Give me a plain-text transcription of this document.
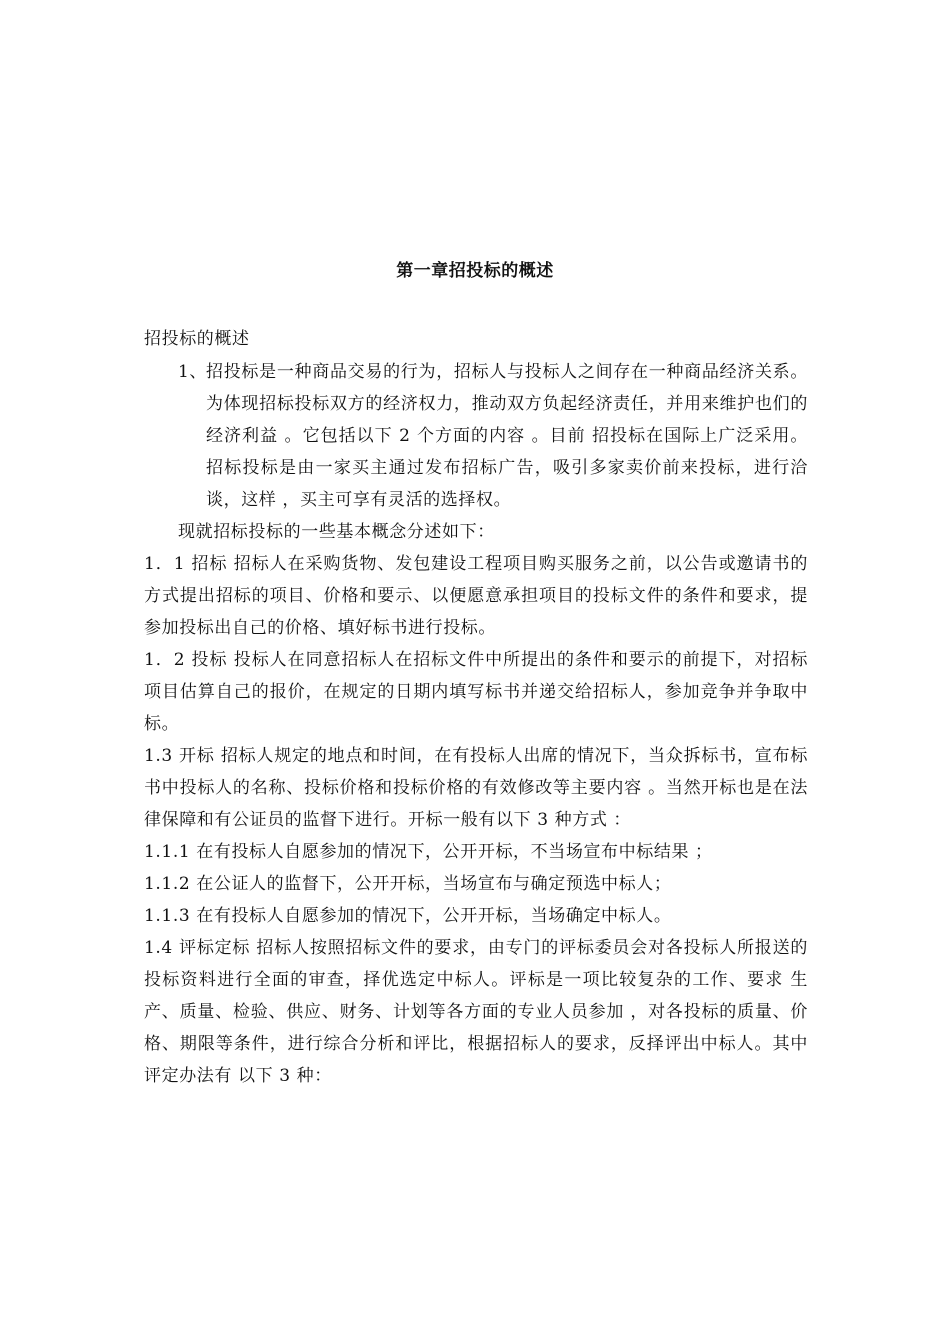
第一章招投标的概述

招投标的概述

1、
招投标是一种商品交易的行为，招标人与投标人之间存在一种商品经济关系。为体现招标投标双方的经济权力，推动双方负起经济责任，并用来维护也们的经济利益 。它包括以下 2 个方面的内容 。目前 招投标在国际上广泛采用。招标投标是由一家买主通过发布招标广告，吸引多家卖价前来投标，进行洽谈，这样 ，买主可享有灵活的选择权。

现就招标投标的一些基本概念分述如下：

1．1 招标 招标人在采购货物、发包建设工程项目购买服务之前，以公告或邀请书的方式提出招标的项目、价格和要示、以便愿意承担项目的投标文件的条件和要求，提参加投标出自己的价格、填好标书进行投标。

1．2 投标 投标人在同意招标人在招标文件中所提出的条件和要示的前提下，对招标项目估算自己的报价，在规定的日期内填写标书并递交给招标人，参加竞争并争取中标。

1.3 开标 招标人规定的地点和时间，在有投标人出席的情况下，当众拆标书，宣布标书中投标人的名称、投标价格和投标价格的有效修改等主要内容 。当然开标也是在法律保障和有公证员的监督下进行。开标一般有以下 3 种方式 ：

1.1.1 在有投标人自愿参加的情况下，公开开标，不当场宣布中标结果 ；

1.1.2 在公证人的监督下，公开开标，当场宣布与确定预选中标人；

1.1.3 在有投标人自愿参加的情况下，公开开标，当场确定中标人。

1.4 评标定标 招标人按照招标文件的要求，由专门的评标委员会对各投标人所报送的投标资料进行全面的审查，择优选定中标人。评标是一项比较复杂的工作、要求 生产、质量、检验、供应、财务、计划等各方面的专业人员参加 ，对各投标的质量、价格、期限等条件，进行综合分析和评比，根据招标人的要求，反择评出中标人。其中评定办法有 以下 3 种：
